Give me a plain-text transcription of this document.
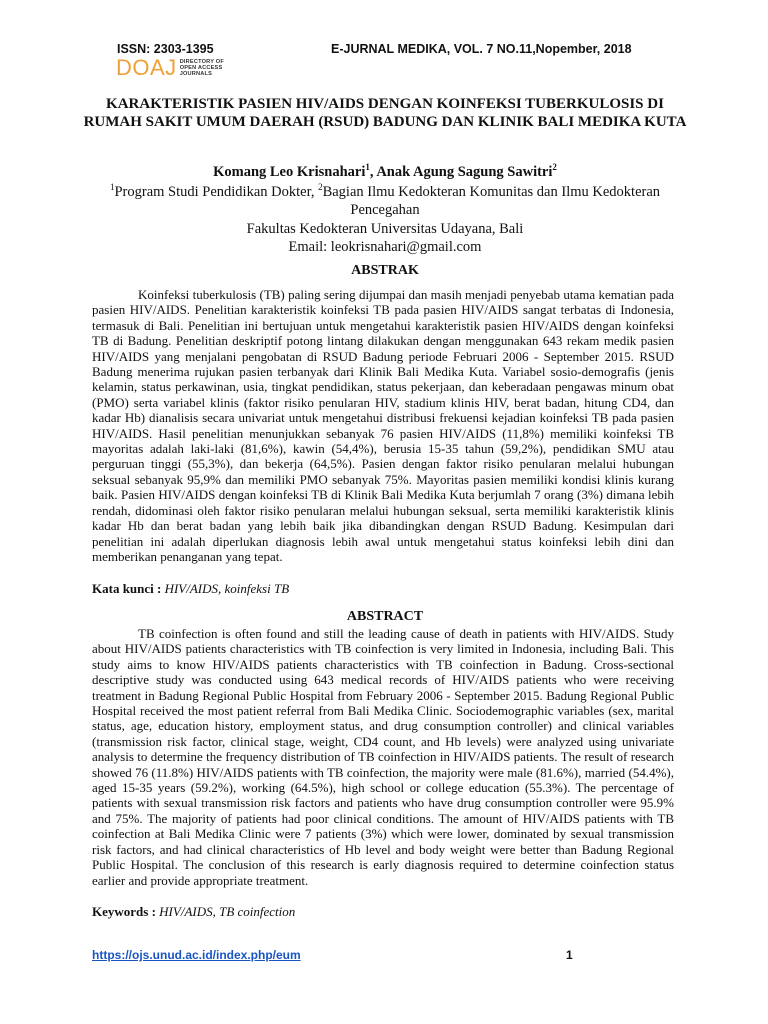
ISSN: 2303-1395	E-JURNAL MEDIKA, VOL. 7 NO.11,Nopember, 2018
DOAJ DIRECTORY OF
OPEN ACCESS
JOURNALS
KARAKTERISTIK PASIEN HIV/AIDS DENGAN KOINFEKSI TUBERKULOSIS DI RUMAH SAKIT UMUM DAERAH (RSUD) BADUNG DAN KLINIK BALI MEDIKA KUTA
Komang Leo Krisnahari$^1$, Anak Agung Sagung Sawitri$^2$
$^1$Program Studi Pendidikan Dokter, $^2$Bagian Ilmu Kedokteran Komunitas dan Ilmu Kedokteran Pencegahan
Fakultas Kedokteran Universitas Udayana, Bali
Email: leokrisnahari@gmail.com
ABSTRAK

Koinfeksi tuberkulosis (TB) paling sering dijumpai dan masih menjadi penyebab utama kematian pada pasien HIV/AIDS. Penelitian karakteristik koinfeksi TB pada pasien HIV/AIDS sangat terbatas di Indonesia, termasuk di Bali. Penelitian ini bertujuan untuk mengetahui karakteristik pasien HIV/AIDS dengan koinfeksi TB di Badung. Penelitian deskriptif potong lintang dilakukan dengan menggunakan 643 rekam medik pasien HIV/AIDS yang menjalani pengobatan di RSUD Badung periode Februari 2006 - September 2015. RSUD Badung menerima rujukan pasien terbanyak dari Klinik Bali Medika Kuta. Variabel sosio-demografis (jenis kelamin, status perkawinan, usia, tingkat pendidikan, status pekerjaan, dan keberadaan pengawas minum obat (PMO) serta variabel klinis (faktor risiko penularan HIV, stadium klinis HIV, berat badan, hitung CD4, dan kadar Hb) dianalisis secara univariat untuk mengetahui distribusi frekuensi kejadian koinfeksi TB pada pasien HIV/AIDS. Hasil penelitian menunjukkan sebanyak 76 pasien HIV/AIDS (11,8%) memiliki koinfeksi TB mayoritas adalah laki-laki (81,6%), kawin (54,4%), berusia 15-35 tahun (59,2%), pendidikan SMU atau perguruan tinggi (55,3%), dan bekerja (64,5%). Pasien dengan faktor risiko penularan melalui hubungan seksual sebanyak 95,9% dan memiliki PMO sebanyak 75%. Mayoritas pasien memiliki kondisi klinis kurang baik. Pasien HIV/AIDS dengan koinfeksi TB di Klinik Bali Medika Kuta berjumlah 7 orang (3%) dimana lebih rendah, didominasi oleh faktor risiko penularan melalui hubungan seksual, serta memiliki karakteristik klinis kadar Hb dan berat badan yang lebih baik jika dibandingkan dengan RSUD Badung. Kesimpulan dari penelitian ini adalah diperlukan diagnosis lebih awal untuk mengetahui status koinfeksi lebih dini dan memberikan penanganan yang tepat.

Kata kunci : HIV/AIDS, koinfeksi TB
ABSTRACT

TB coinfection is often found and still the leading cause of death in patients with HIV/AIDS. Study about HIV/AIDS patients characteristics with TB coinfection is very limited in Indonesia, including Bali. This study aims to know HIV/AIDS patients characteristics with TB coinfection in Badung. Cross-sectional descriptive study was conducted using 643 medical records of HIV/AIDS patients who were receiving treatment in Badung Regional Public Hospital from February 2006 - September 2015. Badung Regional Public Hospital received the most patient referral from Bali Medika Clinic. Sociodemographic variables (sex, marital status, age, education history, employment status, and drug consumption controller) and clinical variables (transmission risk factor, clinical stage, weight, CD4 count, and Hb levels) were analyzed using univariate analysis to determine the frequency distribution of TB coinfection in HIV/AIDS patients. The result of research showed 76 (11.8%) HIV/AIDS patients with TB coinfection, the majority were male (81.6%), married (54.4%), aged 15-35 years (59.2%), working (64.5%), high school or college education (55.3%). The percentage of patients with sexual transmission risk factors and patients who have drug consumption controller were 95.9% and 75%. The majority of patients had poor clinical conditions. The amount of HIV/AIDS patients with TB coinfection at Bali Medika Clinic were 7 patients (3%) which were lower, dominated by sexual transmission risk factors, and had clinical characteristics of Hb level and body weight were better than Badung Regional Public Hospital. The conclusion of this research is early diagnosis required to determine coinfection status earlier and provide appropriate treatment.

Keywords : HIV/AIDS, TB coinfection
https://ojs.unud.ac.id/index.php/eum	1
